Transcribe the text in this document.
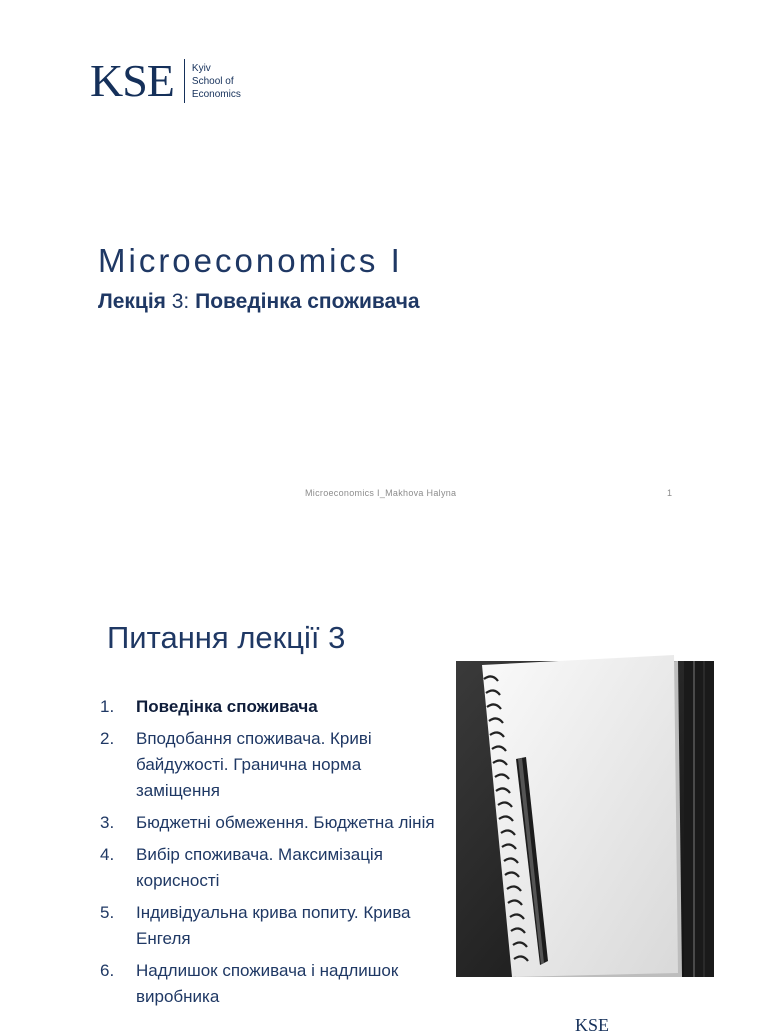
KSE Kyiv
School of
Economics
Microeconomics I
Лекція 3: Поведінка споживача
Microeconomics I_Makhova Halyna	1
Питання лекції 3
1.	Поведінка споживача
2.	Вподобання споживача. Криві байдужості. Гранична норма заміщення
3.	Бюджетні обмеження. Бюджетна лінія
4.	Вибір споживача. Максимізація корисності
5.	Індивідуальна крива попиту. Крива Енгеля
6.	Надлишок споживача і надлишок виробника
KSE
